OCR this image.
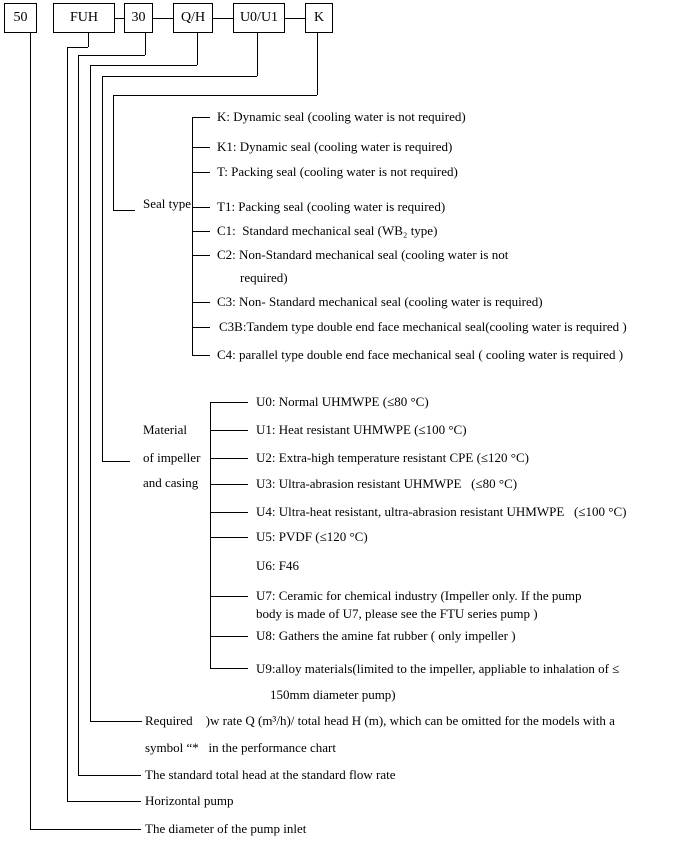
50	FUH	30	Q/H	U0/U1	K
Seal type
K: Dynamic seal (cooling water is not required)
K1: Dynamic seal (cooling water is required)
T: Packing seal (cooling water is not required)
T1: Packing seal (cooling water is required)
C1:  Standard mechanical seal (WB₂ type)
C2: Non-Standard mechanical seal (cooling water is not
required)
C3: Non- Standard mechanical seal (cooling water is required)
C3B:Tandem type double end face mechanical seal(cooling water is required )
C4: parallel type double end face mechanical seal ( cooling water is required )
Material
of impeller
and casing
U0: Normal UHMWPE (≤80 °C)
U1: Heat resistant UHMWPE (≤100 °C)
U2: Extra-high temperature resistant CPE (≤120 °C)
U3: Ultra-abrasion resistant UHMWPE   (≤80 °C)
U4: Ultra-heat resistant, ultra-abrasion resistant UHMWPE   (≤100 °C)
U5: PVDF (≤120 °C)
U6: F46
U7: Ceramic for chemical industry (Impeller only. If the pump
body is made of U7, please see the FTU series pump )
U8: Gathers the amine fat rubber ( only impeller )
U9:alloy materials(limited to the impeller, appliable to inhalation of ≤
150mm diameter pump)
Required    )w rate Q (m³/h)/ total head H (m), which can be omitted for the models with a
symbol “*   in the performance chart
The standard total head at the standard flow rate
Horizontal pump
The diameter of the pump inlet
